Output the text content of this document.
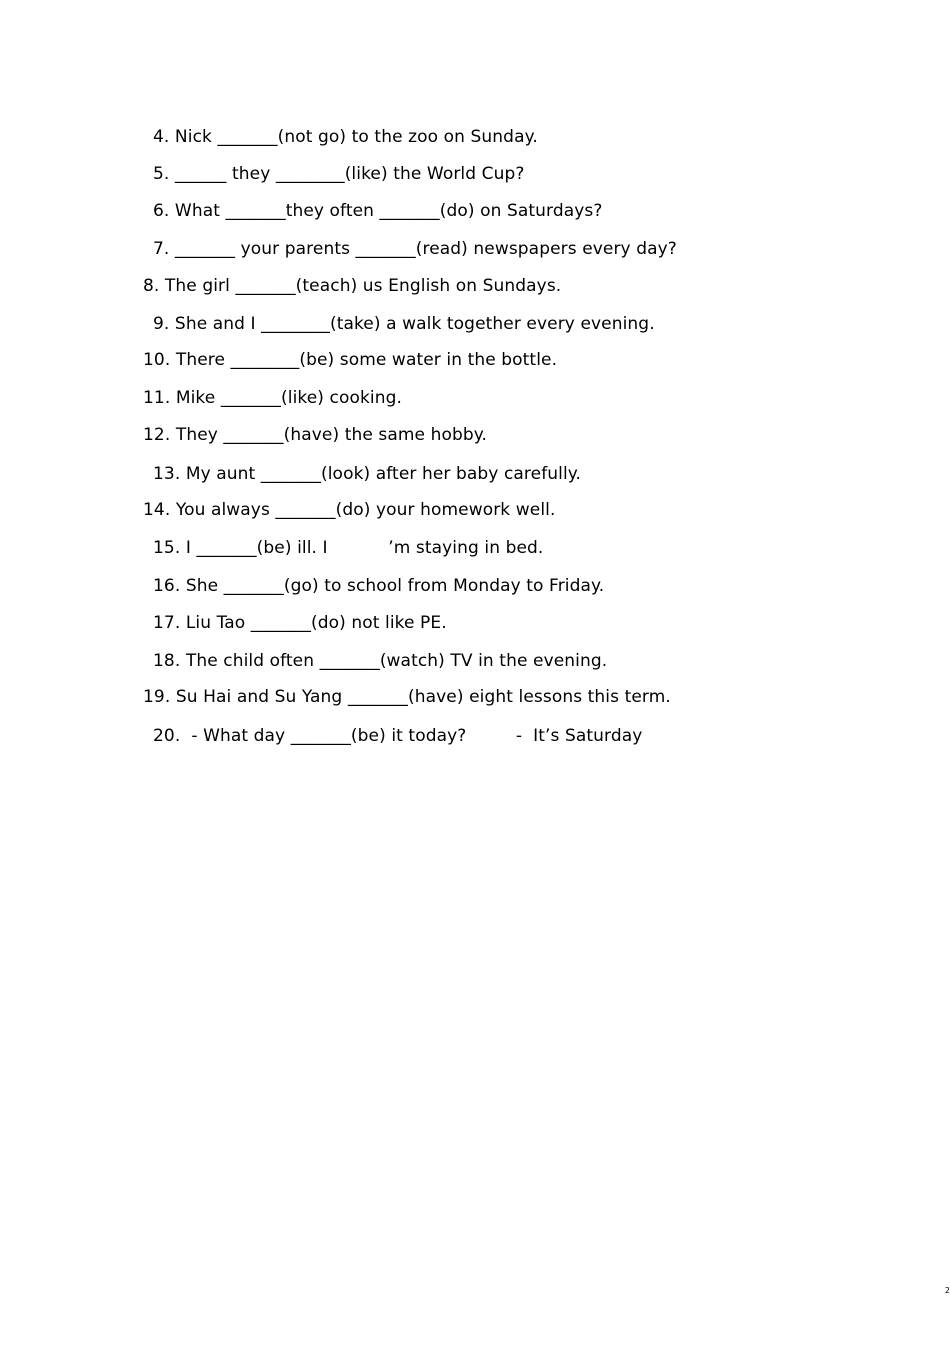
4. Nick _______(not go) to the zoo on Sunday.
5. ______ they ________(like) the World Cup?
6. What _______they often _______(do) on Saturdays?
7. _______ your parents _______(read) newspapers every day?
8. The girl _______(teach) us English on Sundays.
9. She and I ________(take) a walk together every evening.
10. There ________(be) some water in the bottle.
11. Mike _______(like) cooking.
12. They _______(have) the same hobby.
13. My aunt _______(look) after her baby carefully.
14. You always _______(do) your homework well.
15. I _______(be) ill. I           ’m staying in bed.
16. She _______(go) to school from Monday to Friday.
17. Liu Tao _______(do) not like PE.
18. The child often _______(watch) TV in the evening.
19. Su Hai and Su Yang _______(have) eight lessons this term.
20.  - What day _______(be) it today?         -  It’s Saturday
2
